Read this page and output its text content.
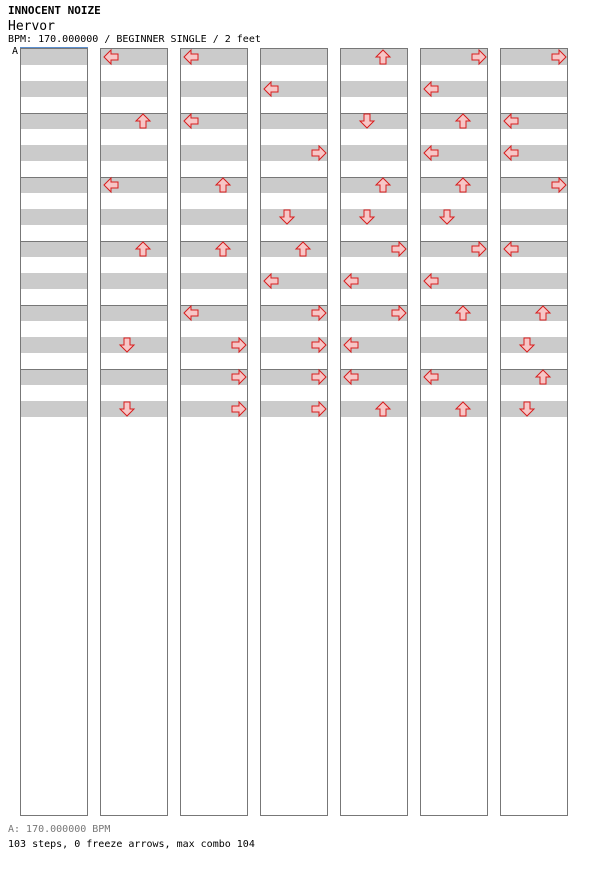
INNOCENT NOIZE
Hervor
BPM: 170.000000 / BEGINNER SINGLE / 2 feet
A
A: 170.000000 BPM
103 steps, 0 freeze arrows, max combo 104
